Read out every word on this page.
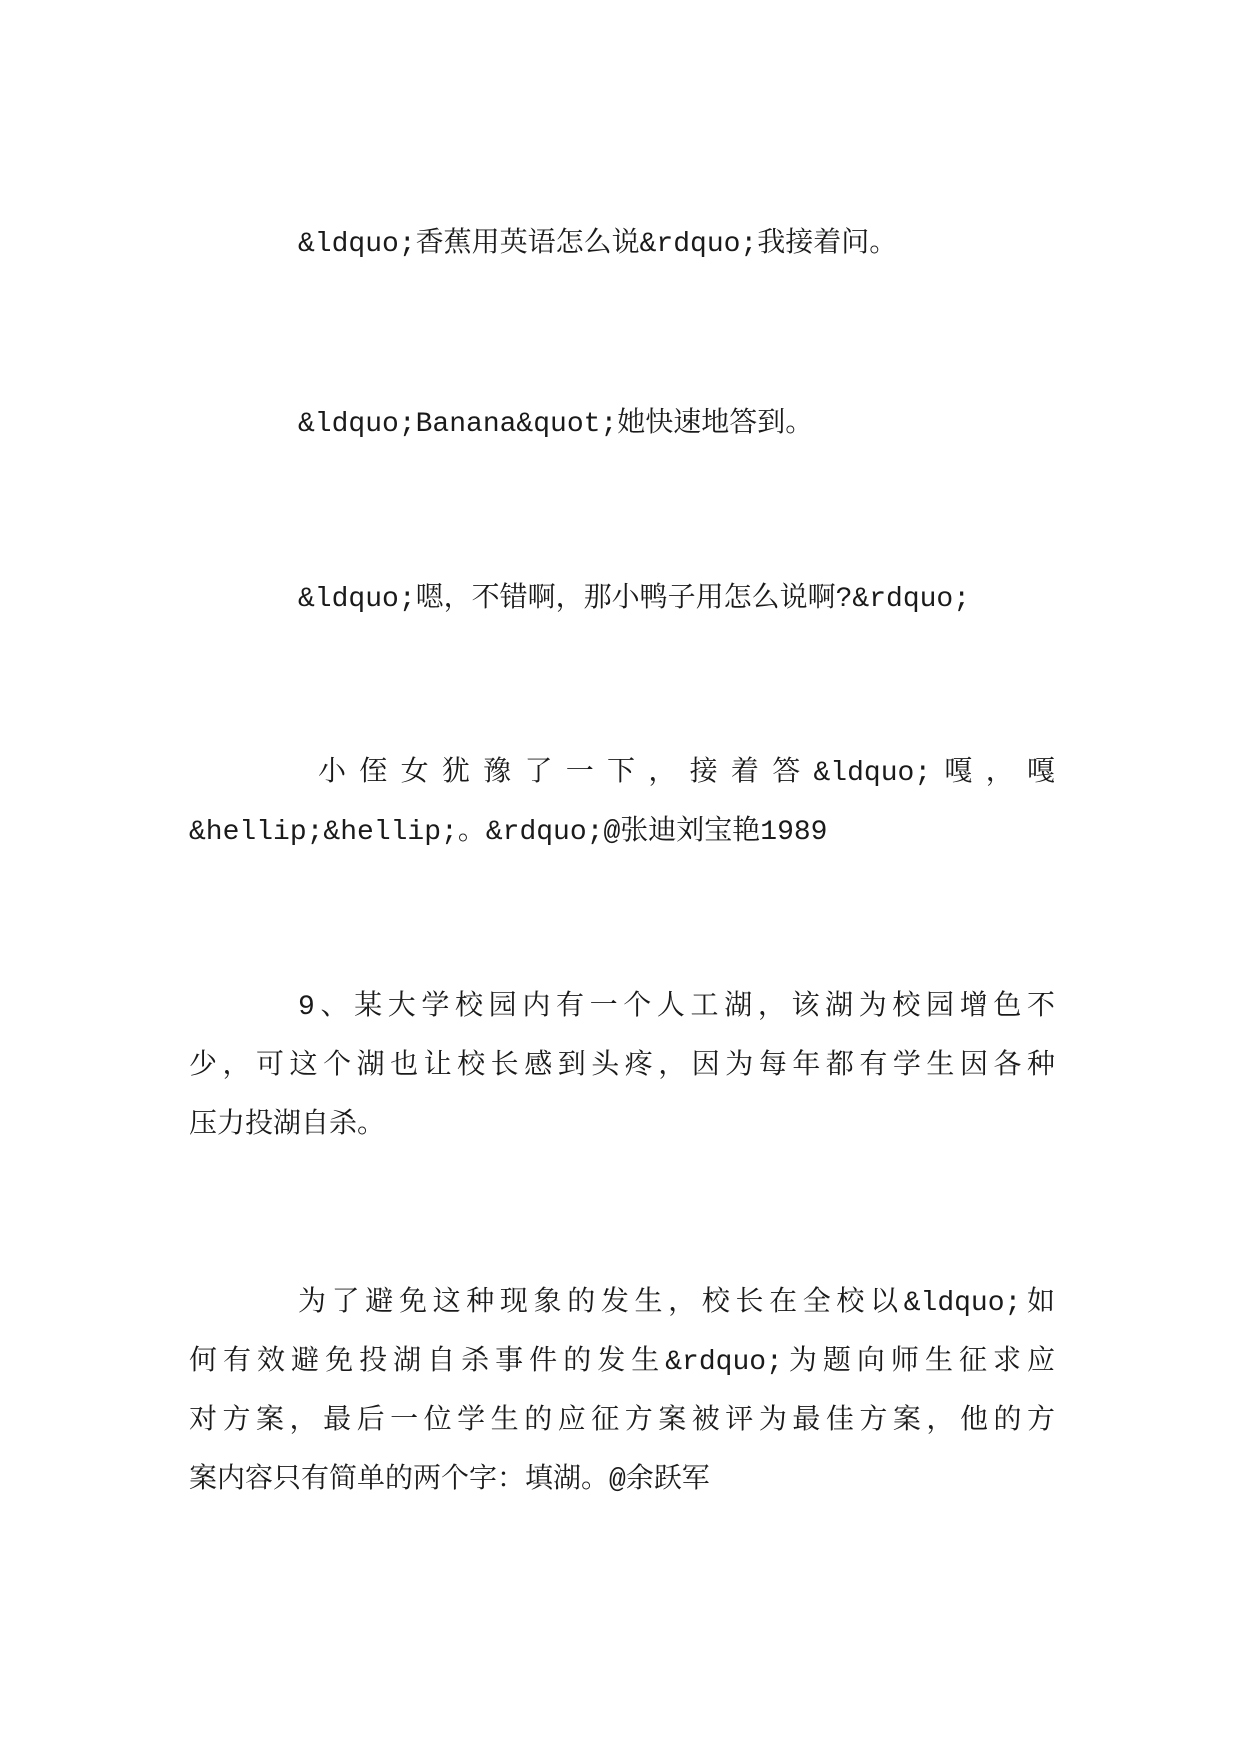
&ldquo;香蕉用英语怎么说&rdquo;我接着问。
&ldquo;Banana&quot;她快速地答到。
&ldquo;嗯，不错啊，那小鸭子用怎么说啊?&rdquo;
小侄女犹豫了一下，接着答&ldquo;嘎，嘎
&hellip;&hellip;。&rdquo;@张迪刘宝艳1989
9、某大学校园内有一个人工湖，该湖为校园增色不
少，可这个湖也让校长感到头疼，因为每年都有学生因各种
压力投湖自杀。
为了避免这种现象的发生，校长在全校以&ldquo;如
何有效避免投湖自杀事件的发生&rdquo;为题向师生征求应
对方案，最后一位学生的应征方案被评为最佳方案，他的方
案内容只有简单的两个字：填湖。@余跃军
